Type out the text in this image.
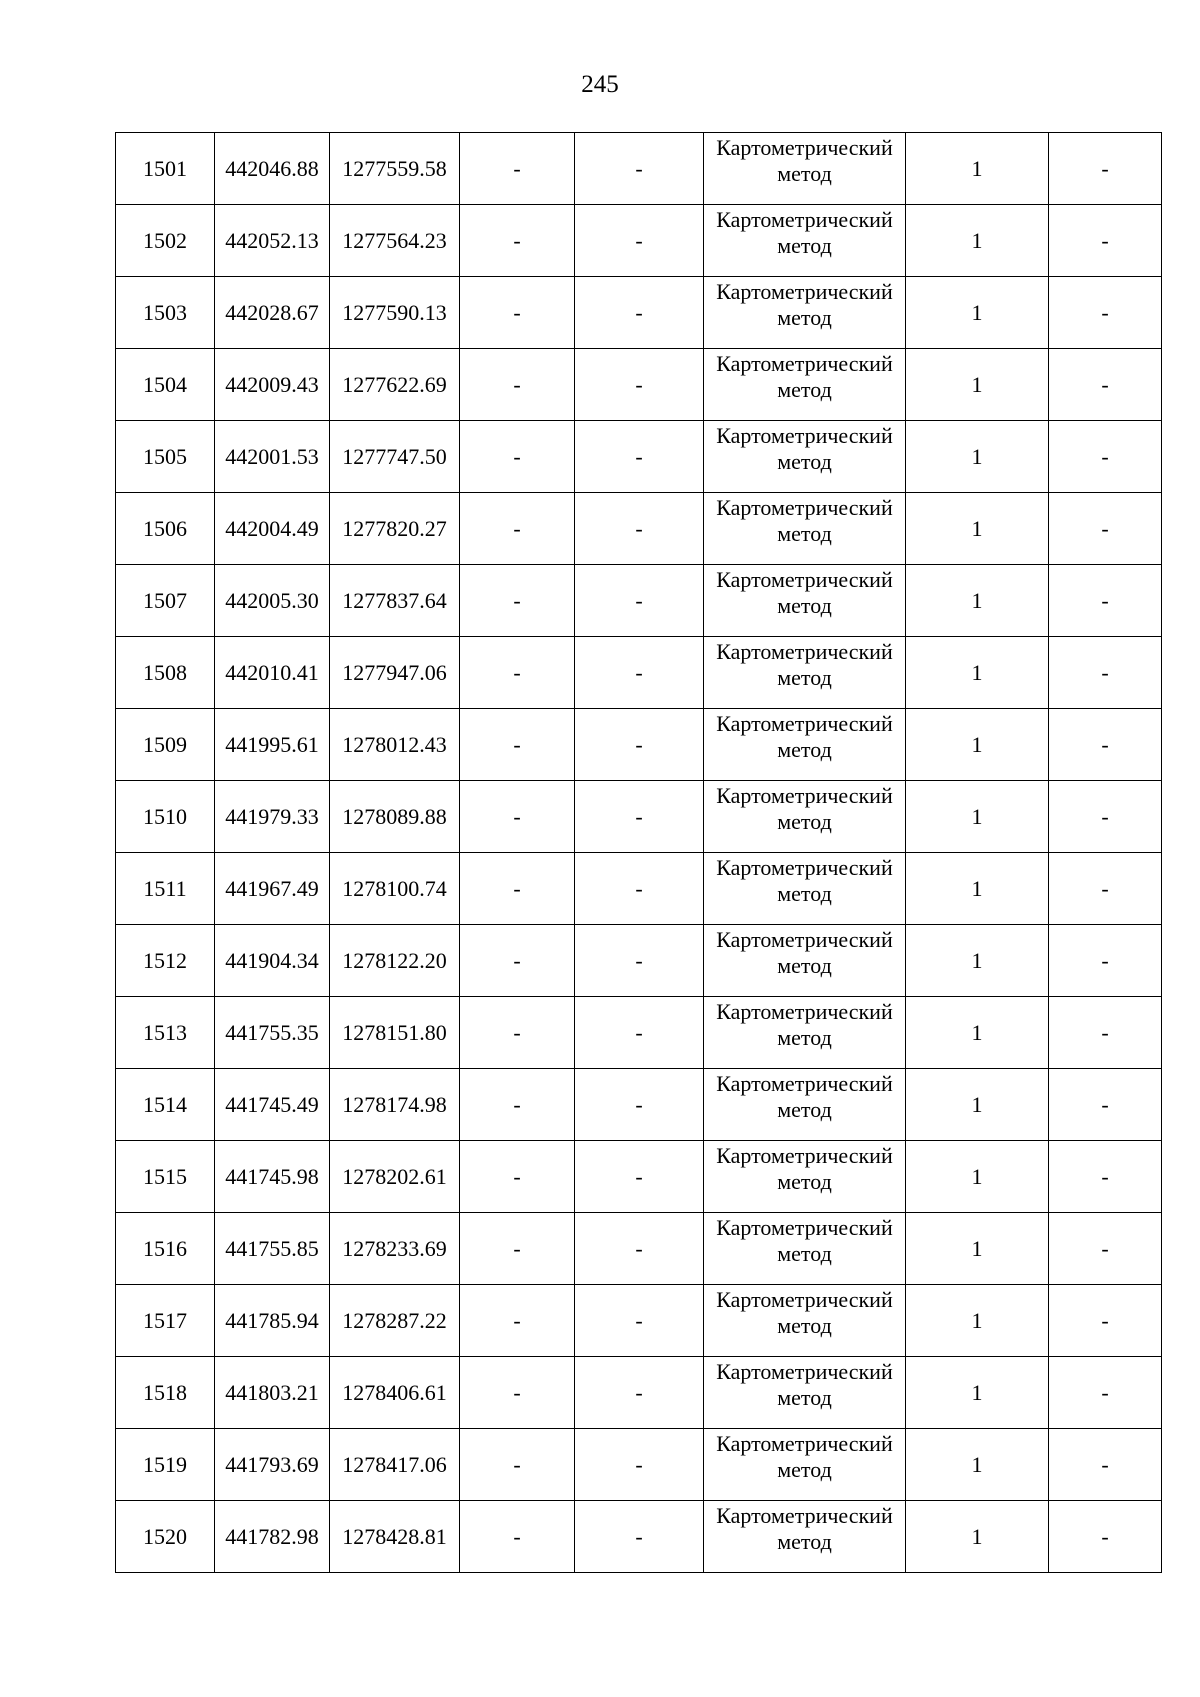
245
1501	442046.88	1277559.58	-	-	Картометрический
метод	1	-
1502	442052.13	1277564.23	-	-	Картометрический
метод	1	-
1503	442028.67	1277590.13	-	-	Картометрический
метод	1	-
1504	442009.43	1277622.69	-	-	Картометрический
метод	1	-
1505	442001.53	1277747.50	-	-	Картометрический
метод	1	-
1506	442004.49	1277820.27	-	-	Картометрический
метод	1	-
1507	442005.30	1277837.64	-	-	Картометрический
метод	1	-
1508	442010.41	1277947.06	-	-	Картометрический
метод	1	-
1509	441995.61	1278012.43	-	-	Картометрический
метод	1	-
1510	441979.33	1278089.88	-	-	Картометрический
метод	1	-
1511	441967.49	1278100.74	-	-	Картометрический
метод	1	-
1512	441904.34	1278122.20	-	-	Картометрический
метод	1	-
1513	441755.35	1278151.80	-	-	Картометрический
метод	1	-
1514	441745.49	1278174.98	-	-	Картометрический
метод	1	-
1515	441745.98	1278202.61	-	-	Картометрический
метод	1	-
1516	441755.85	1278233.69	-	-	Картометрический
метод	1	-
1517	441785.94	1278287.22	-	-	Картометрический
метод	1	-
1518	441803.21	1278406.61	-	-	Картометрический
метод	1	-
1519	441793.69	1278417.06	-	-	Картометрический
метод	1	-
1520	441782.98	1278428.81	-	-	Картометрический
метод	1	-
